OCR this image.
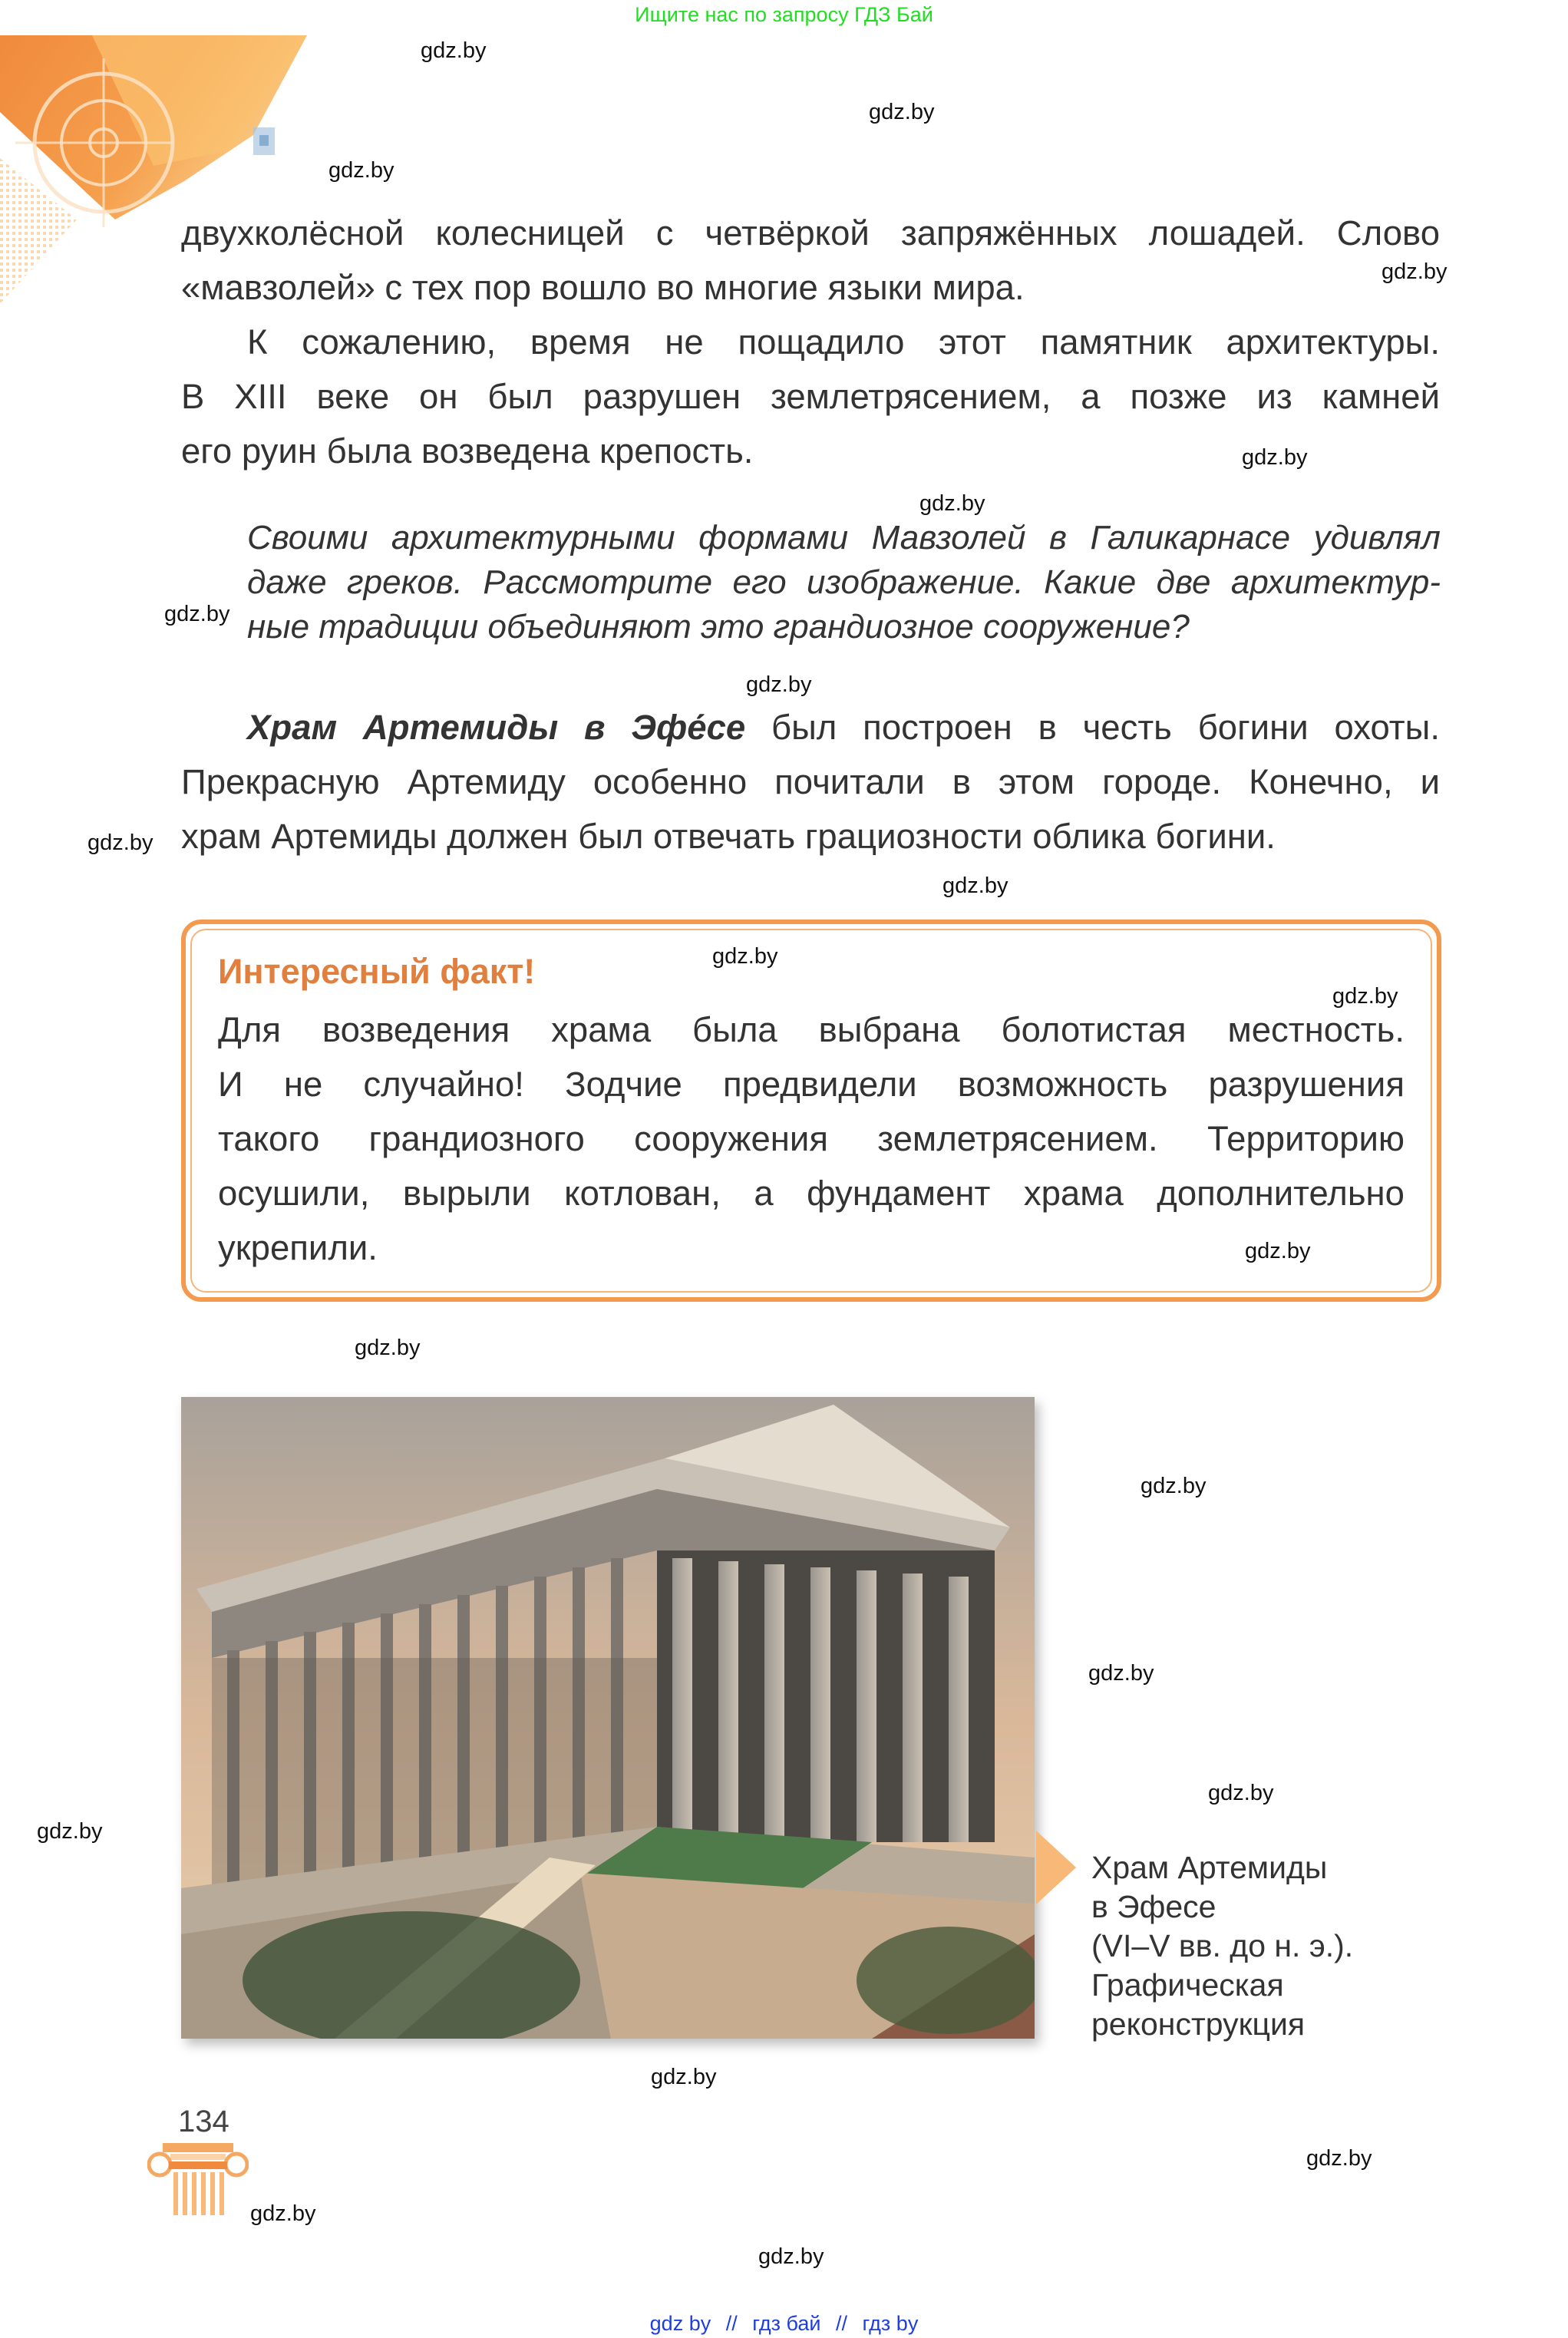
Ищите нас по запросу ГДЗ Бай
gdz.by
gdz.by
gdz.by
gdz.by
gdz.by
gdz.by
gdz.by
gdz.by
gdz.by
gdz.by
gdz.by
gdz.by
gdz.by
gdz.by
gdz.by
gdz.by
gdz.by
gdz.by
gdz.by
gdz.by
gdz.by
gdz.by
двухколёсной колесницей с четвёркой запряжённых лошадей. Слово
«мавзолей» с тех пор вошло во многие языки мира.
К сожалению, время не пощадило этот памятник архитектуры.
В XIII веке он был разрушен землетрясением, а позже из камней
его руин была возведена крепость.
Своими архитектурными формами Мавзолей в Галикарнасе удивлял
даже греков. Рассмотрите его изображение. Какие две архитектур-
ные традиции объединяют это грандиозное сооружение?
Храм Артемиды в Эфе́се был построен в честь богини охоты.
Прекрасную Артемиду особенно почитали в этом городе. Конечно, и
храм Артемиды должен был отвечать грациозности облика богини.
Интересный факт!
Для возведения храма была выбрана болотистая местность.
И не случайно! Зодчие предвидели возможность разрушения
такого грандиозного сооружения землетрясением. Территорию
осушили, вырыли котлован, а фундамент храма дополнительно
укрепили.
Храм Артемиды
в Эфесе
(VI–V вв. до н. э.).
Графическая
реконструкция
134
gdz by // гдз бай // гдз by
